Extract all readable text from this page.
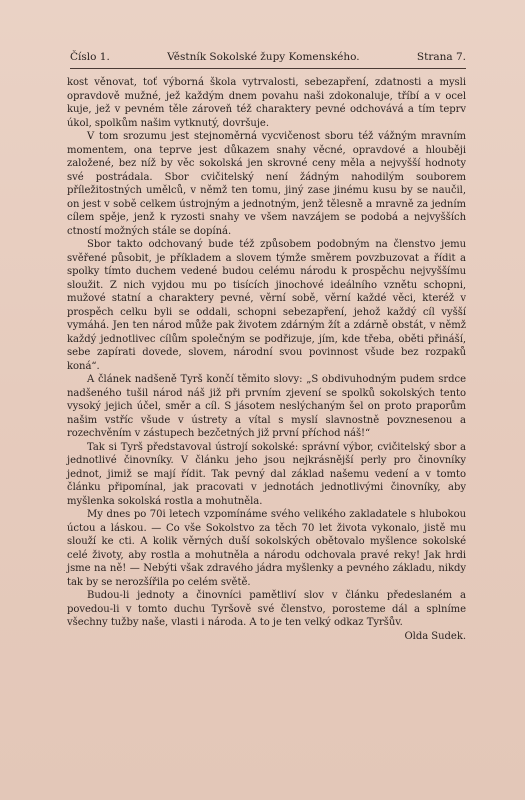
Číslo 1.	Věstník Sokolské župy Komenského.	Strana 7.

kost věnovat, toť výborná škola vytrvalosti, sebezapření, zdatnosti a mysli opravdově mužné, jež každým dnem povahu naši zdokonaluje, tříbí a v ocel kuje, jež v pevném těle zároveň též charaktery pevné odchovává a tím teprv úkol, spolkům našim vytknutý, dovršuje.

V tom srozumu jest stejnoměrná vycvičenost sboru též vážným mravním momentem, ona teprve jest důkazem snahy věcné, opravdové a hlouběji založené, bez níž by věc sokolská jen skrovné ceny měla a nejvyšší hodnoty své postrádala. Sbor cvičitelský není žádným nahodilým souborem příležitostných umělců, v němž ten tomu, jiný zase jinému kusu by se naučil, on jest v sobě celkem ústrojným a jednotným, jenž tělesně a mravně za jedním cílem spěje, jenž k ryzosti snahy ve všem navzájem se podobá a nejvyšších ctností možných stále se dopíná.

Sbor takto odchovaný bude též způsobem podobným na členstvo jemu svěřené působit, je příkladem a slovem týmže směrem povzbuzovat a řídit a spolky tímto duchem vedené budou celému národu k prospěchu nejvyššímu sloužit. Z nich vyjdou mu po tisících jinochové ideálního vznětu schopni, mužové statní a charaktery pevné, věrní sobě, věrní každé věci, kteréž v prospěch celku byli se oddali, schopni sebezapření, jehož každý cíl vyšší vymáhá. Jen ten národ může pak životem zdárným žít a zdárně obstát, v němž každý jednotlivec cílům společným se podřizuje, jím, kde třeba, oběti přináší, sebe zapírati dovede, slovem, národní svou povinnost všude bez rozpaků koná“.

A článek nadšeně Tyrš končí těmito slovy: „S obdivuhodným pudem srdce nadšeného tušil národ náš již při prvním zjevení se spolků sokolských tento vysoký jejich účel, směr a cíl. S jásotem neslýchaným šel on proto praporům našim vstříc všude v ústrety a vítal s myslí slavnostně povznesenou a rozechvěním v zástupech bezčetných již první příchod náš!“

Tak si Tyrš představoval ústrojí sokolské: správní výbor, cvičitelský sbor a jednotlivé činovníky. V článku jeho jsou nejkrásnější perly pro činovníky jednot, jimiž se mají řídit. Tak pevný dal základ našemu vedení a v tomto článku připomínal, jak pracovati v jednotách jednotlivými činovníky, aby myšlenka sokolská rostla a mohutněla.

My dnes po 70i letech vzpomínáme svého velikého zakladatele s hlubokou úctou a láskou. — Co vše Sokolstvo za těch 70 let života vykonalo, jistě mu slouží ke cti. A kolik věrných duší sokolských obětovalo myšlence sokolské celé životy, aby rostla a mohutněla a národu odchovala pravé reky! Jak hrdi jsme na ně! — Nebýti však zdravého jádra myšlenky a pevného základu, nikdy tak by se nerozšířila po celém světě.

Budou-li jednoty a činovníci pamětliví slov v článku předeslaném a povedou-li v tomto duchu Tyršově své členstvo, porosteme dál a splníme všechny tužby naše, vlasti i národa. A to je ten velký odkaz Tyršův.
Olda Sudek.
